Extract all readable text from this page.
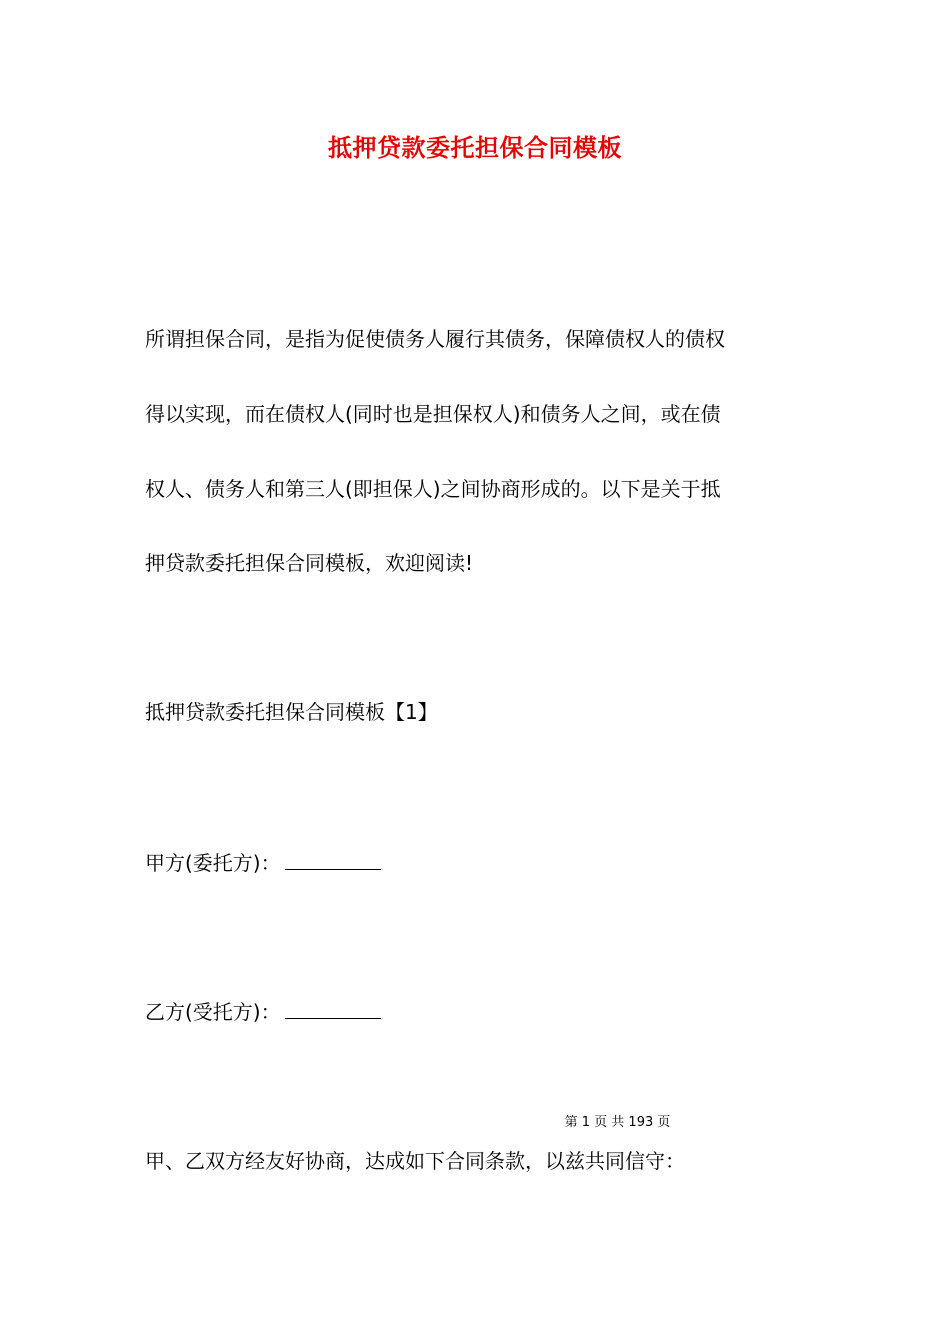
抵押贷款委托担保合同模板
所谓担保合同，是指为促使债务人履行其债务，保障债权人的债权
得以实现，而在债权人(同时也是担保权人)和债务人之间，或在债
权人、债务人和第三人(即担保人)之间协商形成的。以下是关于抵
押贷款委托担保合同模板，欢迎阅读!
抵押贷款委托担保合同模板【1】
甲方(委托方)：
乙方(受托方)：
第 1 页 共 193 页
甲、乙双方经友好协商，达成如下合同条款，以兹共同信守：
